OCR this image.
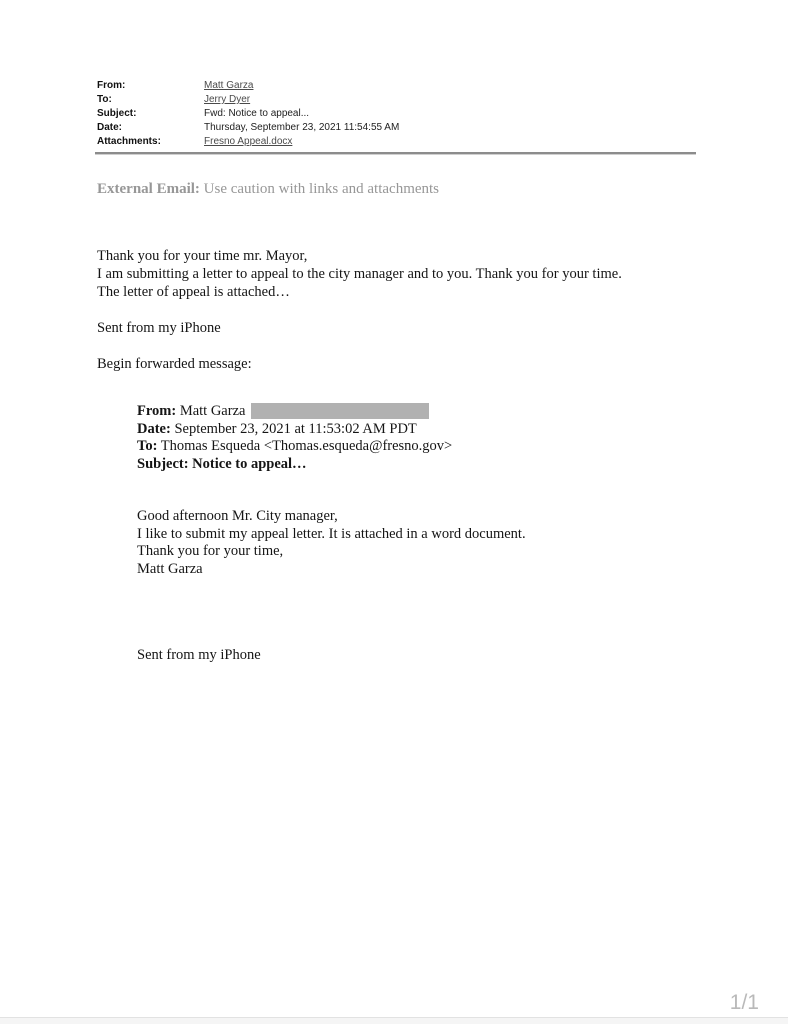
From:	Matt Garza
To:	Jerry Dyer
Subject:	Fwd: Notice to appeal...
Date:	Thursday, September 23, 2021 11:54:55 AM
Attachments:	Fresno Appeal.docx
External Email: Use caution with links and attachments
Thank you for your time mr. Mayor,
I am submitting a letter to appeal to the city manager and to you. Thank you for your time.
The letter of appeal is attached…
Sent from my iPhone
Begin forwarded message:
From: Matt Garza
Date: September 23, 2021 at 11:53:02 AM PDT
To: Thomas Esqueda <Thomas.esqueda@fresno.gov>
Subject: Notice to appeal…
Good afternoon Mr. City manager,
I like to submit my appeal letter. It is attached in a word document.
Thank you for your time,
Matt Garza
Sent from my iPhone
1/1
